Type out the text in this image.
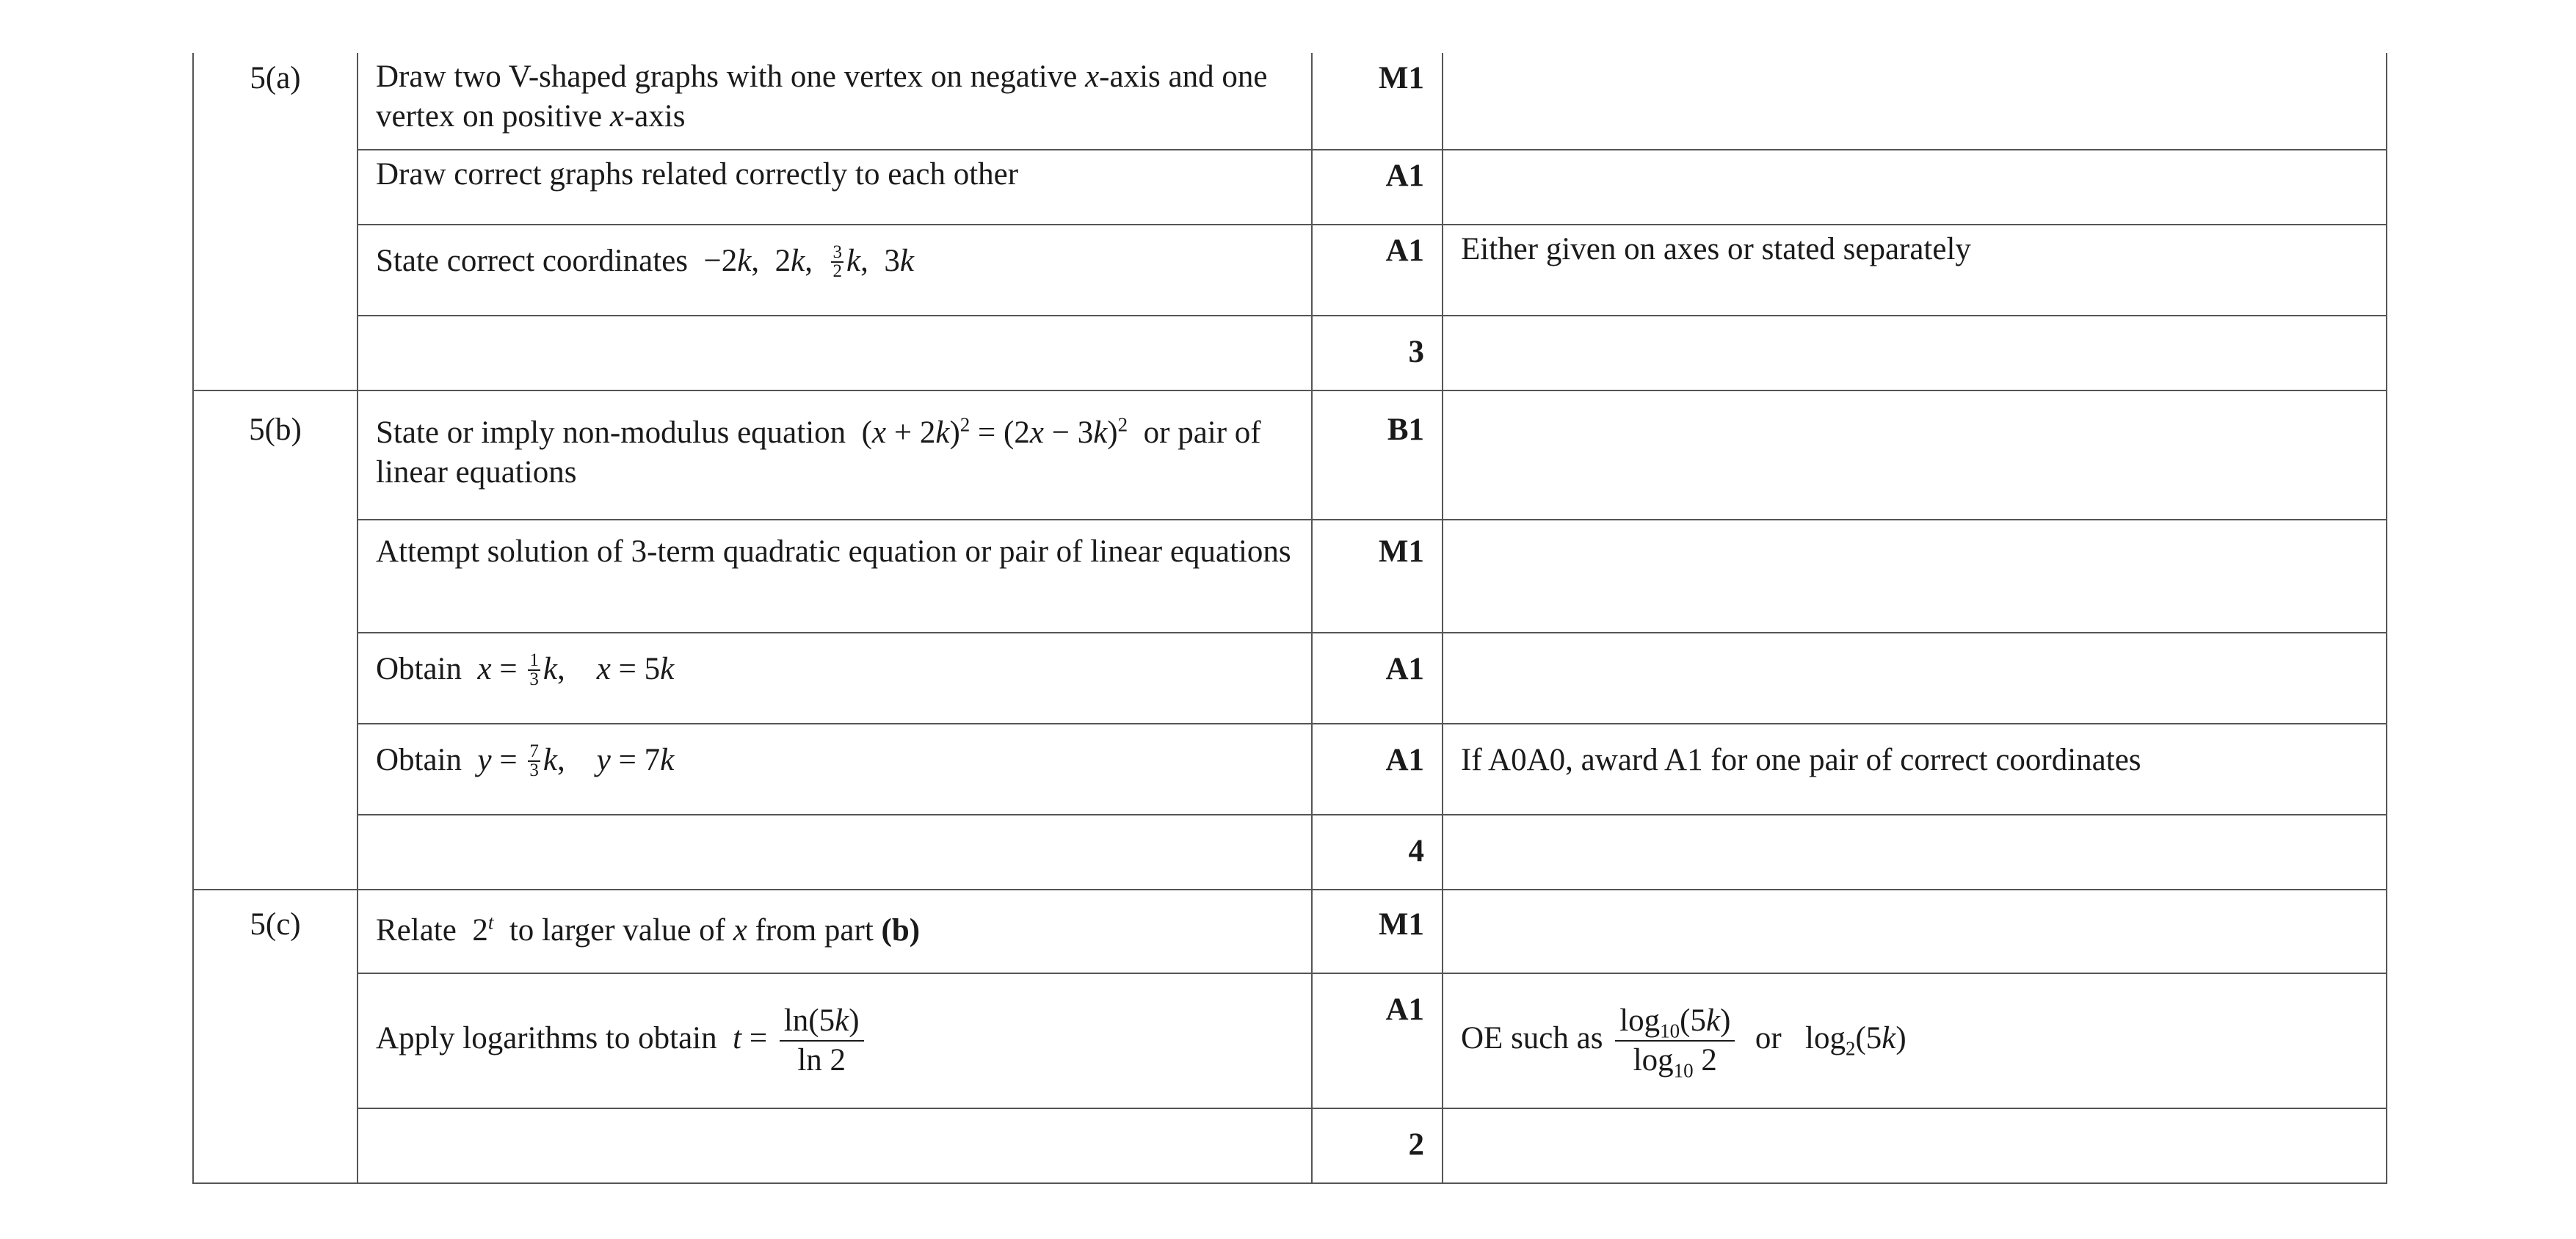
5(a)	Draw two V-shaped graphs with one vertex on negative x-axis and one vertex on positive x-axis	M1	
	Draw correct graphs related correctly to each other	A1	
	State correct coordinates −2k, 2k, $\frac{3}{2} k$, 3k	A1	Either given on axes or stated separately
		3	
5(b)	State or imply non-modulus equation $(x + 2k)^2 = (2x - 3k)^2$ or pair of linear equations	B1	
	Attempt solution of 3-term quadratic equation or pair of linear equations	M1	
	Obtain $x = \frac{1}{3} k$, x = 5k	A1	
	Obtain $y = \frac{7}{3} k$, y = 7k	A1	If A0A0, award A1 for one pair of correct coordinates
		4	
5(c)	Relate 2$^t$ to larger value of x from part (b)	M1	
	Apply logarithms to obtain $t = \frac{\ln(5k)}{\ln 2}$	A1	OE such as $\frac{\log_{10}(5k)}{\log_{10} 2}$ or $\log_2(5k)$
		2	
